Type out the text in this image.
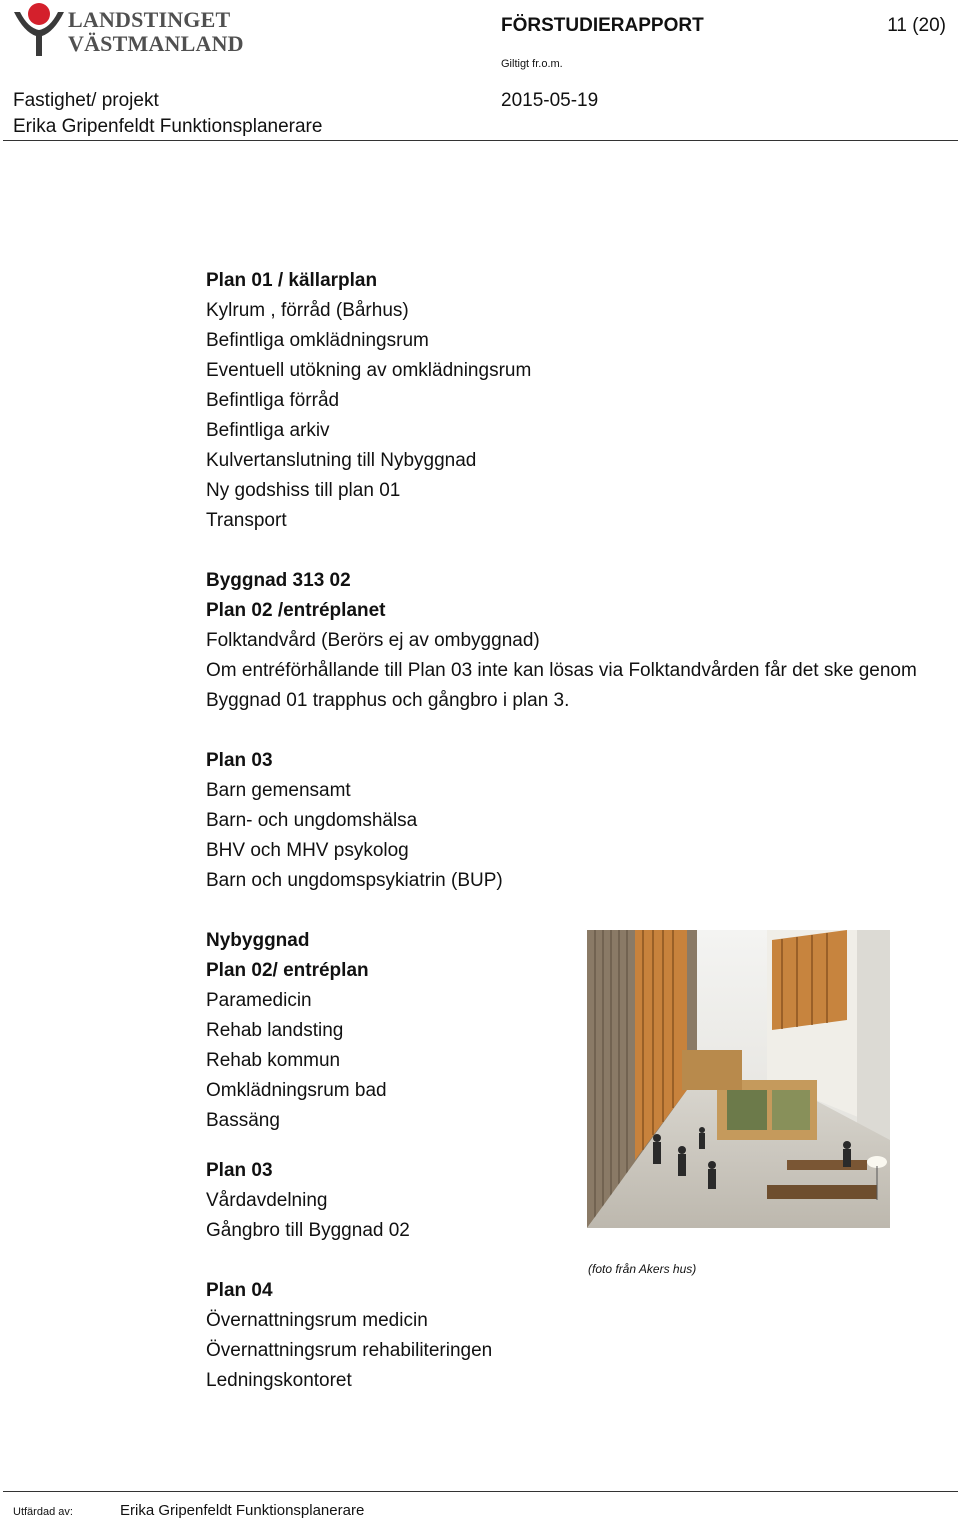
LANDSTINGET
VÄSTMANLAND
FÖRSTUDIERAPPORT	11 (20)
Giltigt fr.o.m.
Fastighet/ projekt
Erika Gripenfeldt Funktionsplanerare
2015-05-19
Plan 01 / källarplan
Kylrum , förråd (Bårhus)
Befintliga omklädningsrum
Eventuell utökning av omklädningsrum
Befintliga förråd
Befintliga arkiv
Kulvertanslutning till Nybyggnad
Ny godshiss till plan 01
Transport
Byggnad 313 02
Plan 02 /entréplanet
Folktandvård (Berörs ej av ombyggnad)
Om entréförhållande till Plan 03 inte kan lösas via Folktandvården får det ske genom
Byggnad 01 trapphus och gångbro i plan 3.
Plan 03
Barn gemensamt
Barn- och ungdomshälsa
BHV och MHV psykolog
Barn och ungdomspsykiatrin (BUP)
Nybyggnad
Plan 02/ entréplan
Paramedicin
Rehab landsting
Rehab kommun
Omklädningsrum bad
Bassäng
Plan 03
Vårdavdelning
Gångbro till Byggnad 02
Plan 04
Övernattningsrum medicin
Övernattningsrum rehabiliteringen
Ledningskontoret
(foto från Akers hus)
Utfärdad av:	Erika Gripenfeldt Funktionsplanerare
